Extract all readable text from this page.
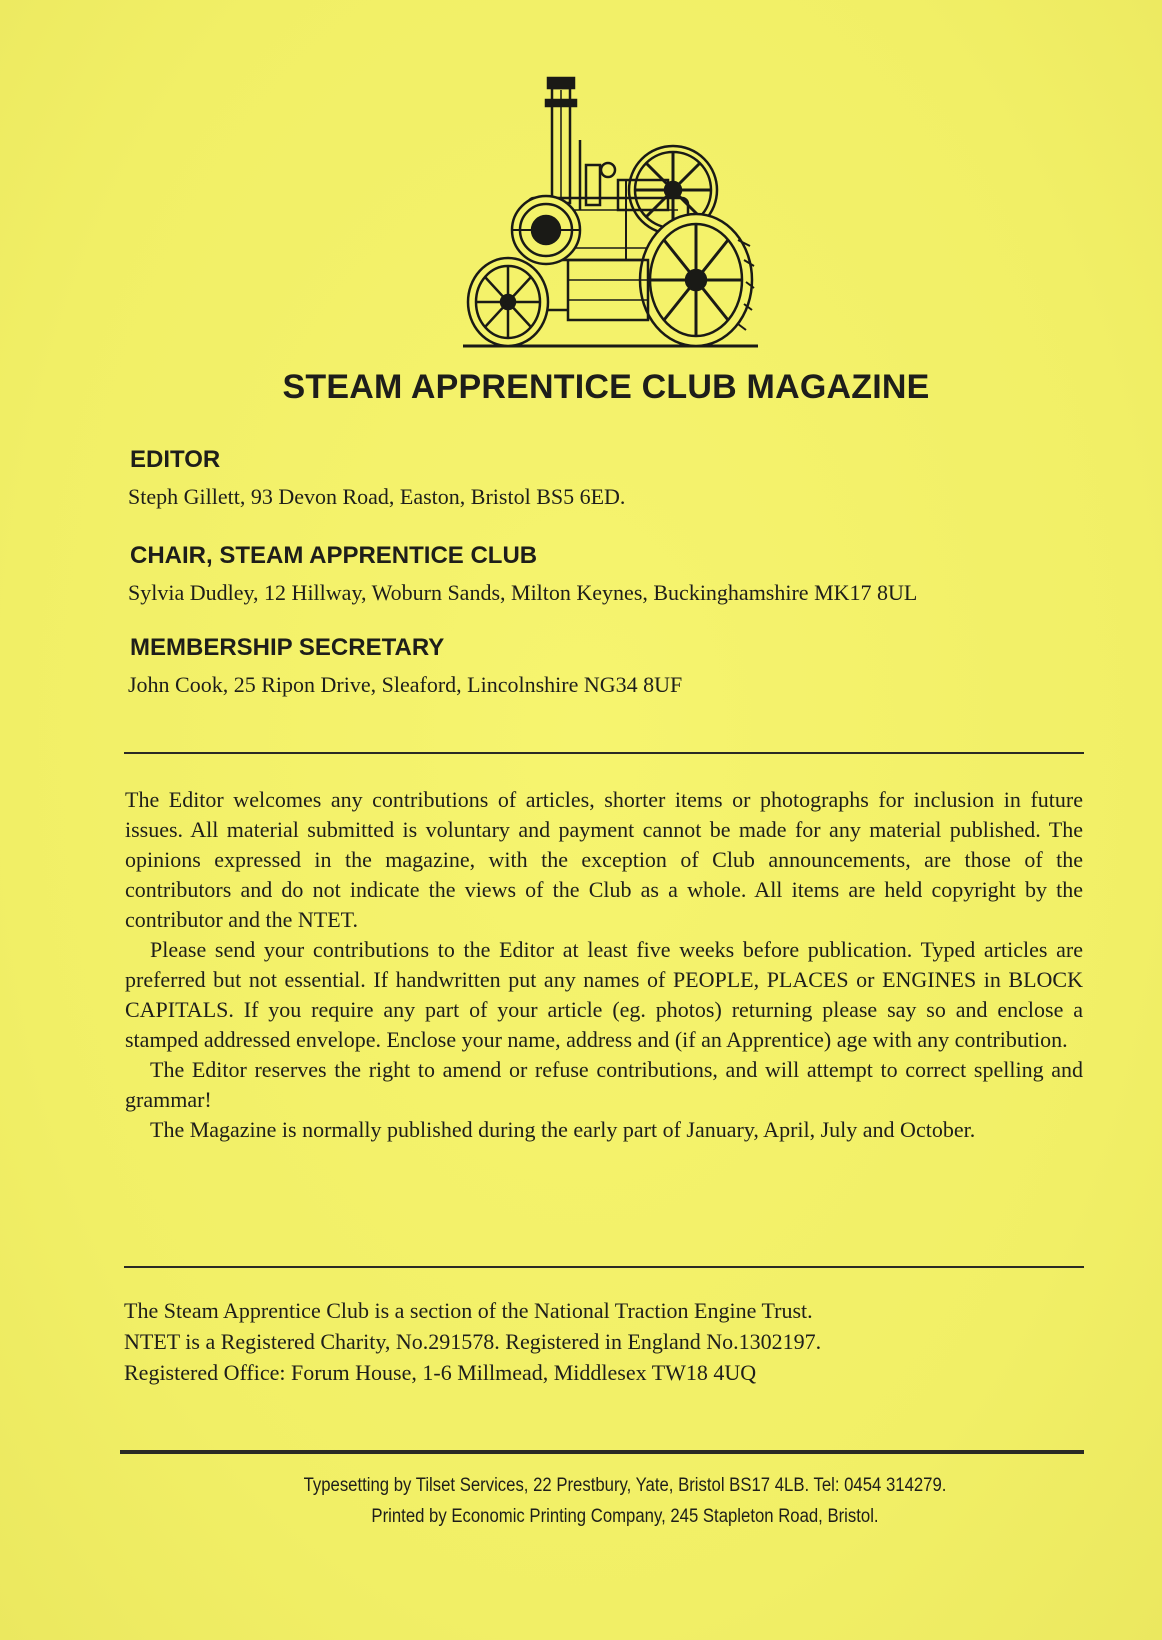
STEAM APPRENTICE CLUB MAGAZINE
EDITOR
Steph Gillett, 93 Devon Road, Easton, Bristol BS5 6ED.
CHAIR, STEAM APPRENTICE CLUB
Sylvia Dudley, 12 Hillway, Woburn Sands, Milton Keynes, Buckinghamshire MK17 8UL
MEMBERSHIP SECRETARY
John Cook, 25 Ripon Drive, Sleaford, Lincolnshire NG34 8UF

The Editor welcomes any contributions of articles, shorter items or photographs for inclusion in future issues. All material submitted is voluntary and payment cannot be made for any material published. The opinions expressed in the magazine, with the exception of Club announcements, are those of the contributors and do not indicate the views of the Club as a whole. All items are held copyright by the contributor and the NTET.

Please send your contributions to the Editor at least five weeks before publication. Typed articles are preferred but not essential. If handwritten put any names of PEOPLE, PLACES or ENGINES in BLOCK CAPITALS. If you require any part of your article (eg. photos) returning please say so and enclose a stamped addressed envelope. Enclose your name, address and (if an Apprentice) age with any contribution.

The Editor reserves the right to amend or refuse contributions, and will attempt to correct spelling and grammar!

The Magazine is normally published during the early part of January, April, July and October.

The Steam Apprentice Club is a section of the National Traction Engine Trust.
NTET is a Registered Charity, No.291578. Registered in England No.1302197.
Registered Office: Forum House, 1-6 Millmead, Middlesex TW18 4UQ
Typesetting by Tilset Services, 22 Prestbury, Yate, Bristol BS17 4LB. Tel: 0454 314279.
Printed by Economic Printing Company, 245 Stapleton Road, Bristol.
